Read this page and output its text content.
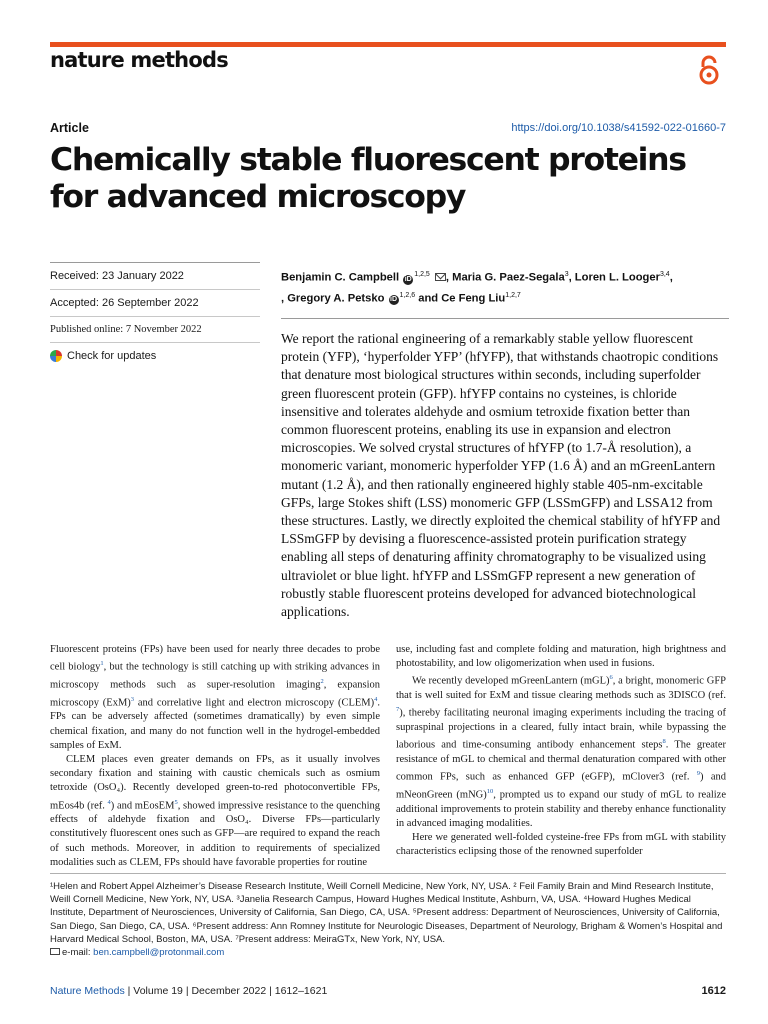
nature methods
Article	https://doi.org/10.1038/s41592-022-01660-7
Chemically stable fluorescent proteins for advanced microscopy
Received: 23 January 2022
Accepted: 26 September 2022
Published online: 7 November 2022
Check for updates
Benjamin C. Campbell iD$^{1,2,5}$ , Maria G. Paez-Segala$^3$, Loren L. Looger$^{3,4}$,
, Gregory A. Petsko iD$^{1,2,6}$ and Ce Feng Liu$^{1,2,7}$

We report the rational engineering of a remarkably stable yellow fluorescent protein (YFP), ‘hyperfolder YFP’ (hfYFP), that withstands chaotropic conditions that denature most biological structures within seconds, including superfolder green fluorescent protein (GFP). hfYFP contains no cysteines, is chloride insensitive and tolerates aldehyde and osmium tetroxide fixation better than common fluorescent proteins, enabling its use in expansion and electron microscopies. We solved crystal structures of hfYFP (to 1.7-Å resolution), a monomeric variant, monomeric hyperfolder YFP (1.6 Å) and an mGreenLantern mutant (1.2 Å), and then rationally engineered highly stable 405-nm-excitable GFPs, large Stokes shift (LSS) monomeric GFP (LSSmGFP) and LSSA12 from these structures. Lastly, we directly exploited the chemical stability of hfYFP and LSSmGFP by devising a fluorescence-assisted protein purification strategy enabling all steps of denaturing affinity chromatography to be visualized using ultraviolet or blue light. hfYFP and LSSmGFP represent a new generation of robustly stable fluorescent proteins developed for advanced biotechnological applications.

Fluorescent proteins (FPs) have been used for nearly three decades to probe cell biology$^1$, but the technology is still catching up with striking advances in microscopy methods such as super-resolution imaging$^2$, expansion microscopy (ExM)$^3$ and correlative light and electron microscopy (CLEM)$^4$. FPs can be adversely affected (sometimes dramatically) by even simple chemical fixation, and many do not function well in the hydrogel-embedded samples of ExM.

CLEM places even greater demands on FPs, as it usually involves secondary fixation and staining with caustic chemicals such as osmium tetroxide (OsO₄). Recently developed green-to-red photoconvertible FPs, mEos4b (ref. $^4$) and mEosEM$^5$, showed impressive resistance to the quenching effects of aldehyde fixation and OsO₄. Diverse FPs—particularly constitutively fluorescent ones such as GFP—are required to expand the reach of such methods. Moreover, in addition to requirements of specialized modalities such as CLEM, FPs should have favorable properties for routine

use, including fast and complete folding and maturation, high brightness and photostability, and low oligomerization when used in fusions.

We recently developed mGreenLantern (mGL)$^6$, a bright, monomeric GFP that is well suited for ExM and tissue clearing methods such as 3DISCO (ref. $^7$), thereby facilitating neuronal imaging experiments including the tracing of supraspinal projections in a cleared, fully intact brain, while bypassing the laborious and time-consuming antibody enhancement steps$^8$. The greater resistance of mGL to chemical and thermal denaturation compared with other common FPs, such as enhanced GFP (eGFP), mClover3 (ref. $^9$) and mNeonGreen (mNG)$^{10}$, prompted us to expand our study of mGL to realize additional improvements to protein stability and thereby enhance functionality in advanced imaging modalities.

Here we generated well-folded cysteine-free FPs from mGL with stability characteristics eclipsing those of the renowned superfolder

¹Helen and Robert Appel Alzheimer’s Disease Research Institute, Weill Cornell Medicine, New York, NY, USA. ² Feil Family Brain and Mind Research Institute, Weill Cornell Medicine, New York, NY, USA. ³Janelia Research Campus, Howard Hughes Medical Institute, Ashburn, VA, USA. ⁴Howard Hughes Medical Institute, Department of Neurosciences, University of California, San Diego, CA, USA. ⁵Present address: Department of Neurosciences, University of California, San Diego, San Diego, CA, USA. ⁶Present address: Ann Romney Institute for Neurologic Diseases, Department of Neurology, Brigham & Women’s Hospital and Harvard Medical School, Boston, MA, USA. ⁷Present address: MeiraGTx, New York, NY, USA.

e-mail: ben.campbell@protonmail.com

Nature Methods | Volume 19 | December 2022 | 1612–1621	1612
